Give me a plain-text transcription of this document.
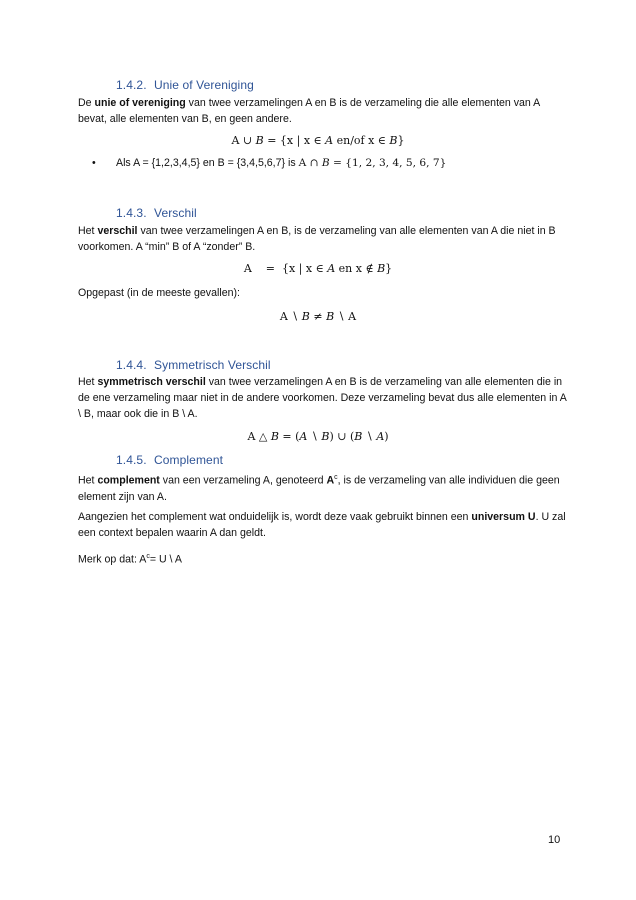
1.4.2. Unie of Vereniging
De unie of vereniging van twee verzamelingen A en B is de verzameling die alle elementen van A bevat, alle elementen van B, en geen andere.
A ∪ 𝐵 = {x | x ∈ 𝐴 en/of x ∈ 𝐵}
• Als A = {1,2,3,4,5} en B = {3,4,5,6,7} is A ∩ 𝐵 = {1, 2, 3, 4, 5, 6, 7}
1.4.3. Verschil
Het verschil van twee verzamelingen A en B, is de verzameling van alle elementen van A die niet in B voorkomen. A “min” B of A “zonder” B.
A    =  {x | x ∈ 𝐴 en x ∉ 𝐵}
Opgepast (in de meeste gevallen):
A ∖ 𝐵 ≠ 𝐵 ∖ A
1.4.4. Symmetrisch Verschil
Het symmetrisch verschil van twee verzamelingen A en B is de verzameling van alle elementen die in de ene verzameling maar niet in de andere voorkomen. Deze verzameling bevat dus alle elementen in A \ B, maar ook die in B \ A.
A △ 𝐵 = (𝐴 ∖ 𝐵) ∪ (𝐵 ∖ 𝐴)
1.4.5. Complement
Het complement van een verzameling A, genoteerd $A^c$, is de verzameling van alle individuen die geen element zijn van A.
Aangezien het complement wat onduidelijk is, wordt deze vaak gebruikt binnen een universum U. U zal een context bepalen waarin A dan geldt.
Merk op dat: $A^c= U$ \ A
10
